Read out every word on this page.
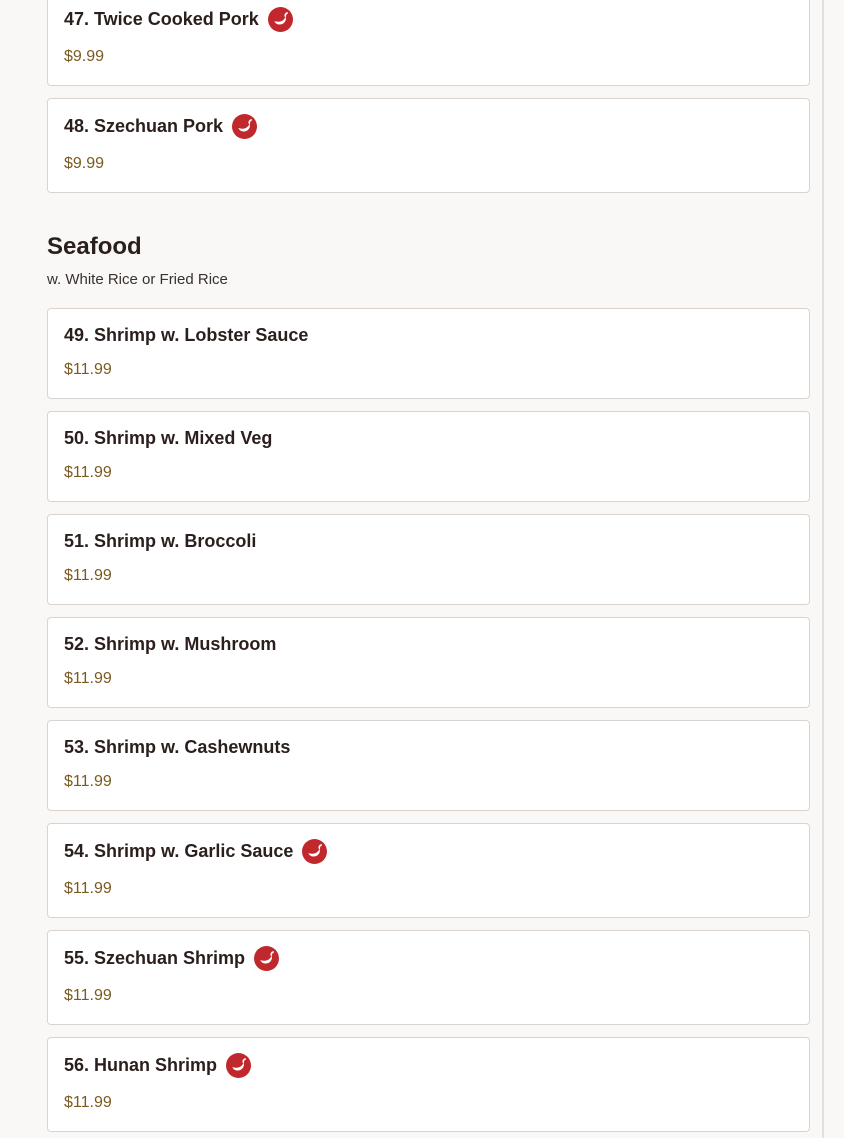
47. Twice Cooked Pork
$9.99
48. Szechuan Pork
$9.99
Seafood
w. White Rice or Fried Rice
49. Shrimp w. Lobster Sauce
$11.99
50. Shrimp w. Mixed Veg
$11.99
51. Shrimp w. Broccoli
$11.99
52. Shrimp w. Mushroom
$11.99
53. Shrimp w. Cashewnuts
$11.99
54. Shrimp w. Garlic Sauce
$11.99
55. Szechuan Shrimp
$11.99
56. Hunan Shrimp
$11.99
